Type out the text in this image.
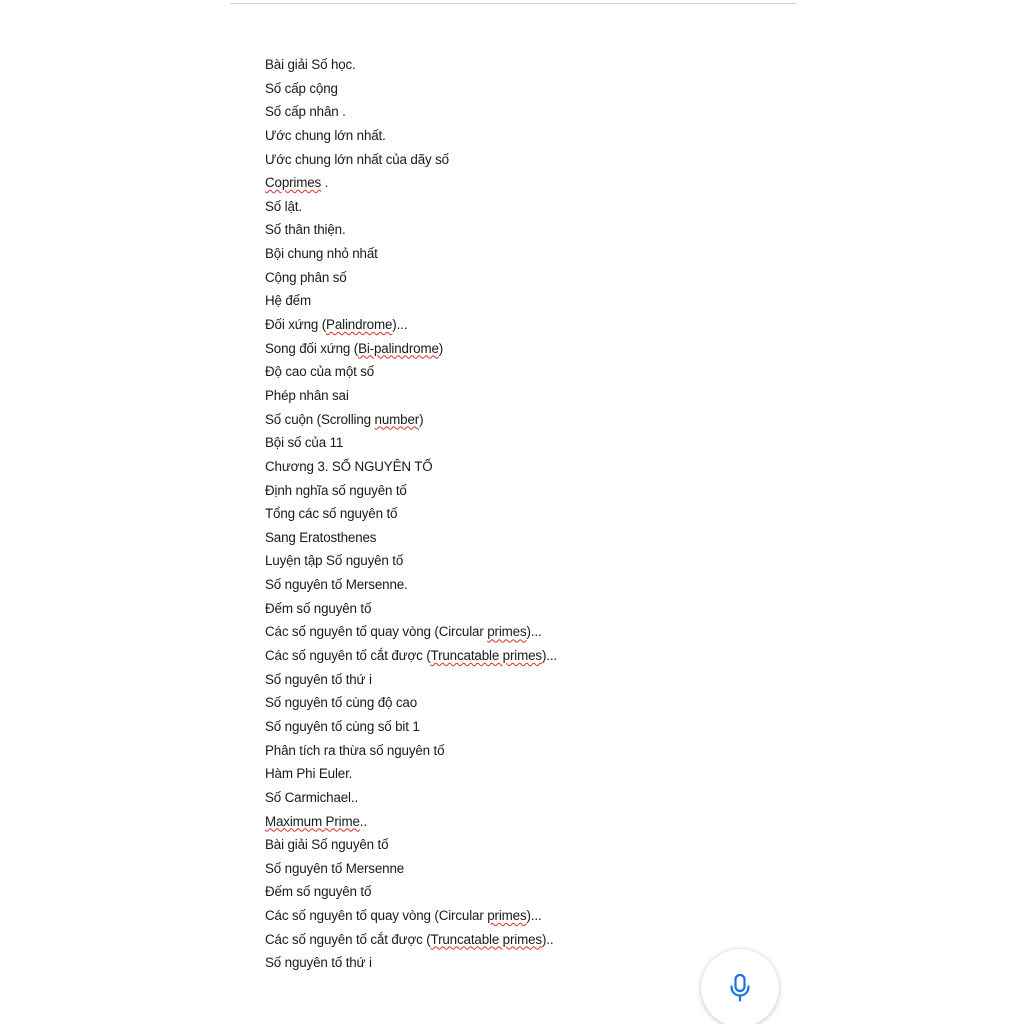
Bài giải Số học.
Số cấp cộng
Số cấp nhân .
Ước chung lớn nhất.
Ước chung lớn nhất của dãy số
Coprimes .
Số lật.
Số thân thiện.
Bội chung nhỏ nhất
Cộng phân số
Hệ đếm
Đối xứng (Palindrome)...
Song đối xứng (Bi-palindrome)
Độ cao của một số
Phép nhân sai
Số cuộn (Scrolling number)
Bội số của 11
Chương 3. SỐ NGUYÊN TỐ
Định nghĩa số nguyên tố
Tổng các số nguyên tố
Sang Eratosthenes
Luyện tập Số nguyên tố
Số nguyên tố Mersenne.
Đếm số nguyên tố
Các số nguyên tố quay vòng (Circular primes)...
Các số nguyên tố cắt được (Truncatable primes)...
Số nguyên tố thứ i
Số nguyên tố cùng độ cao
Số nguyên tố cùng số bit 1
Phân tích ra thừa số nguyên tố
Hàm Phi Euler.
Số Carmichael..
Maximum Prime..
Bài giải Số nguyên tố
Số nguyên tố Mersenne
Đếm số nguyên tố
Các số nguyên tố quay vòng (Circular primes)...
Các số nguyên tố cắt được (Truncatable primes)..
Số nguyên tố thứ i
